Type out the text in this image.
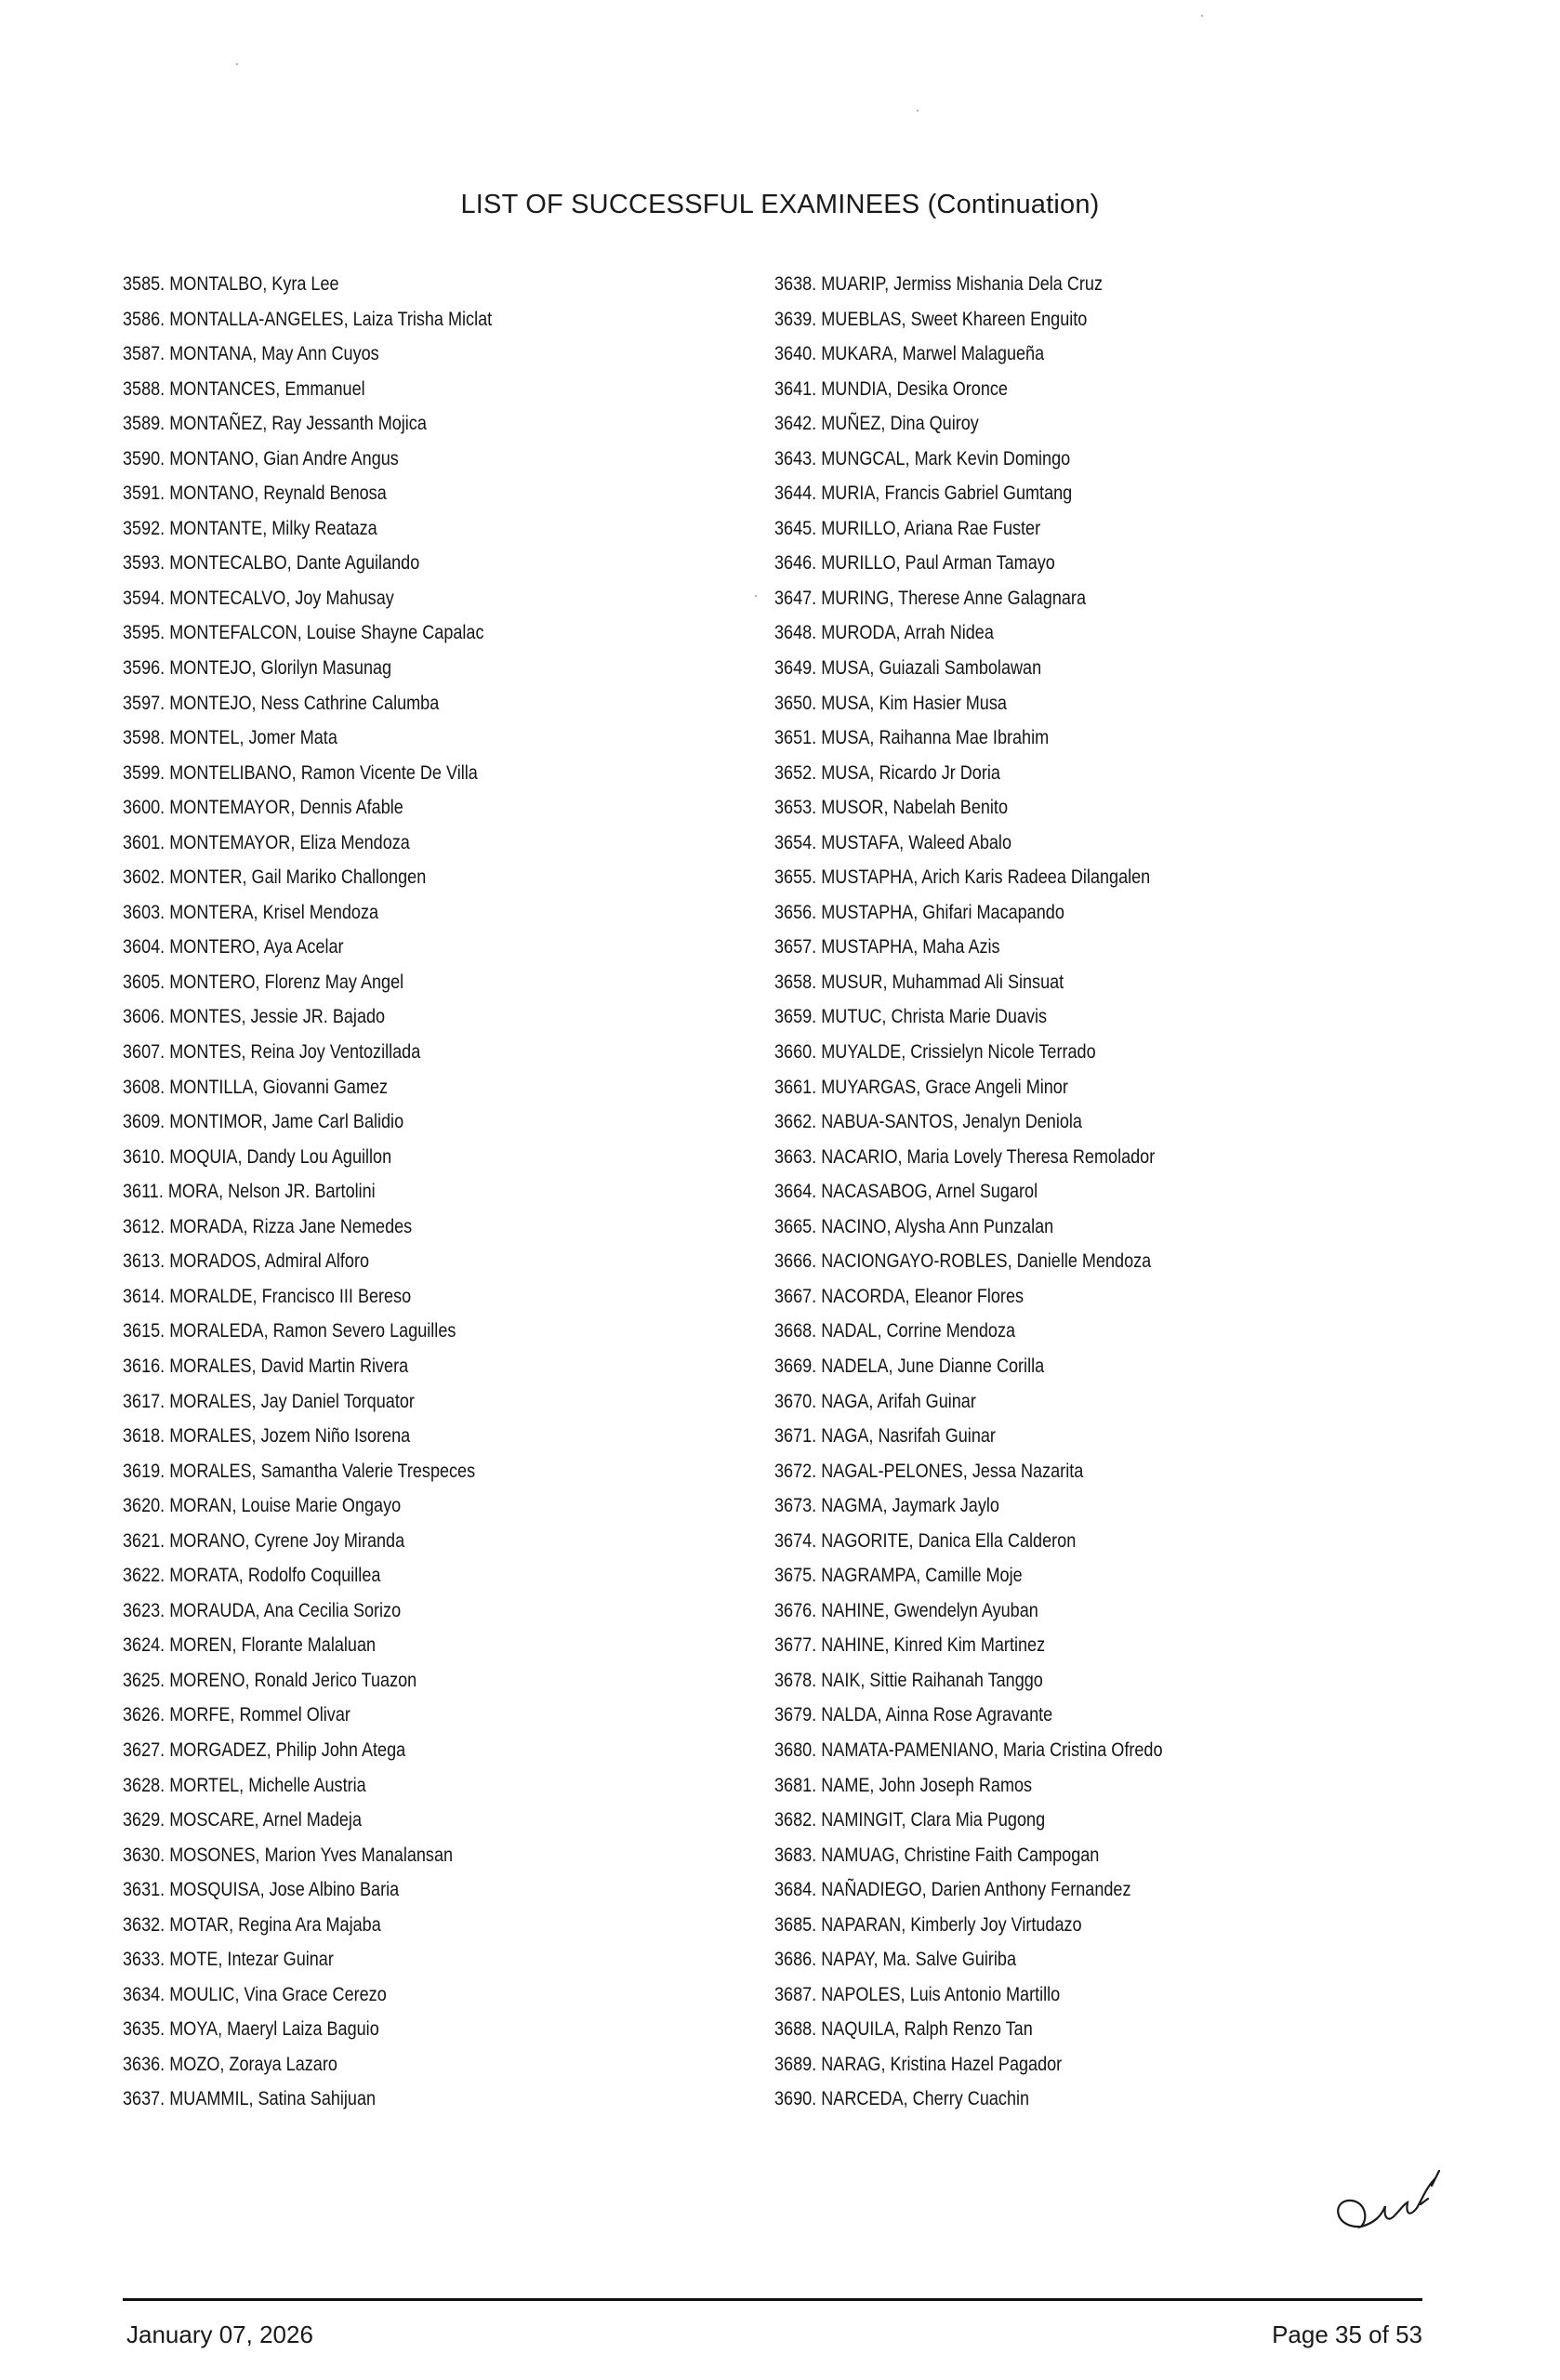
LIST OF SUCCESSFUL EXAMINEES (Continuation)
3585. MONTALBO, Kyra Lee
3586. MONTALLA-ANGELES, Laiza Trisha Miclat
3587. MONTANA, May Ann Cuyos
3588. MONTANCES, Emmanuel
3589. MONTAÑEZ, Ray Jessanth Mojica
3590. MONTANO, Gian Andre Angus
3591. MONTANO, Reynald Benosa
3592. MONTANTE, Milky Reataza
3593. MONTECALBO, Dante Aguilando
3594. MONTECALVO, Joy Mahusay
3595. MONTEFALCON, Louise Shayne Capalac
3596. MONTEJO, Glorilyn Masunag
3597. MONTEJO, Ness Cathrine Calumba
3598. MONTEL, Jomer Mata
3599. MONTELIBANO, Ramon Vicente De Villa
3600. MONTEMAYOR, Dennis Afable
3601. MONTEMAYOR, Eliza Mendoza
3602. MONTER, Gail Mariko Challongen
3603. MONTERA, Krisel Mendoza
3604. MONTERO, Aya Acelar
3605. MONTERO, Florenz May Angel
3606. MONTES, Jessie JR. Bajado
3607. MONTES, Reina Joy Ventozillada
3608. MONTILLA, Giovanni Gamez
3609. MONTIMOR, Jame Carl Balidio
3610. MOQUIA, Dandy Lou Aguillon
3611. MORA, Nelson JR. Bartolini
3612. MORADA, Rizza Jane Nemedes
3613. MORADOS, Admiral Alforo
3614. MORALDE, Francisco III Bereso
3615. MORALEDA, Ramon Severo Laguilles
3616. MORALES, David Martin Rivera
3617. MORALES, Jay Daniel Torquator
3618. MORALES, Jozem Niño Isorena
3619. MORALES, Samantha Valerie Trespeces
3620. MORAN, Louise Marie Ongayo
3621. MORANO, Cyrene Joy Miranda
3622. MORATA, Rodolfo Coquillea
3623. MORAUDA, Ana Cecilia Sorizo
3624. MOREN, Florante Malaluan
3625. MORENO, Ronald Jerico Tuazon
3626. MORFE, Rommel Olivar
3627. MORGADEZ, Philip John Atega
3628. MORTEL, Michelle Austria
3629. MOSCARE, Arnel Madeja
3630. MOSONES, Marion Yves Manalansan
3631. MOSQUISA, Jose Albino Baria
3632. MOTAR, Regina Ara Majaba
3633. MOTE, Intezar Guinar
3634. MOULIC, Vina Grace Cerezo
3635. MOYA, Maeryl Laiza Baguio
3636. MOZO, Zoraya Lazaro
3637. MUAMMIL, Satina Sahijuan
3638. MUARIP, Jermiss Mishania Dela Cruz
3639. MUEBLAS, Sweet Khareen Enguito
3640. MUKARA, Marwel Malagueña
3641. MUNDIA, Desika Oronce
3642. MUÑEZ, Dina Quiroy
3643. MUNGCAL, Mark Kevin Domingo
3644. MURIA, Francis Gabriel Gumtang
3645. MURILLO, Ariana Rae Fuster
3646. MURILLO, Paul Arman Tamayo
3647. MURING, Therese Anne Galagnara
3648. MURODA, Arrah Nidea
3649. MUSA, Guiazali Sambolawan
3650. MUSA, Kim Hasier Musa
3651. MUSA, Raihanna Mae Ibrahim
3652. MUSA, Ricardo Jr Doria
3653. MUSOR, Nabelah Benito
3654. MUSTAFA, Waleed Abalo
3655. MUSTAPHA, Arich Karis Radeea Dilangalen
3656. MUSTAPHA, Ghifari Macapando
3657. MUSTAPHA, Maha Azis
3658. MUSUR, Muhammad Ali Sinsuat
3659. MUTUC, Christa Marie Duavis
3660. MUYALDE, Crissielyn Nicole Terrado
3661. MUYARGAS, Grace Angeli Minor
3662. NABUA-SANTOS, Jenalyn Deniola
3663. NACARIO, Maria Lovely Theresa Remolador
3664. NACASABOG, Arnel Sugarol
3665. NACINO, Alysha Ann Punzalan
3666. NACIONGAYO-ROBLES, Danielle Mendoza
3667. NACORDA, Eleanor Flores
3668. NADAL, Corrine Mendoza
3669. NADELA, June Dianne Corilla
3670. NAGA, Arifah Guinar
3671. NAGA, Nasrifah Guinar
3672. NAGAL-PELONES, Jessa Nazarita
3673. NAGMA, Jaymark Jaylo
3674. NAGORITE, Danica Ella Calderon
3675. NAGRAMPA, Camille Moje
3676. NAHINE, Gwendelyn Ayuban
3677. NAHINE, Kinred Kim Martinez
3678. NAIK, Sittie Raihanah Tanggo
3679. NALDA, Ainna Rose Agravante
3680. NAMATA-PAMENIANO, Maria Cristina Ofredo
3681. NAME, John Joseph Ramos
3682. NAMINGIT, Clara Mia Pugong
3683. NAMUAG, Christine Faith Campogan
3684. NAÑADIEGO, Darien Anthony Fernandez
3685. NAPARAN, Kimberly Joy Virtudazo
3686. NAPAY, Ma. Salve Guiriba
3687. NAPOLES, Luis Antonio Martillo
3688. NAQUILA, Ralph Renzo Tan
3689. NARAG, Kristina Hazel Pagador
3690. NARCEDA, Cherry Cuachin
January 07, 2026	Page 35 of 53
